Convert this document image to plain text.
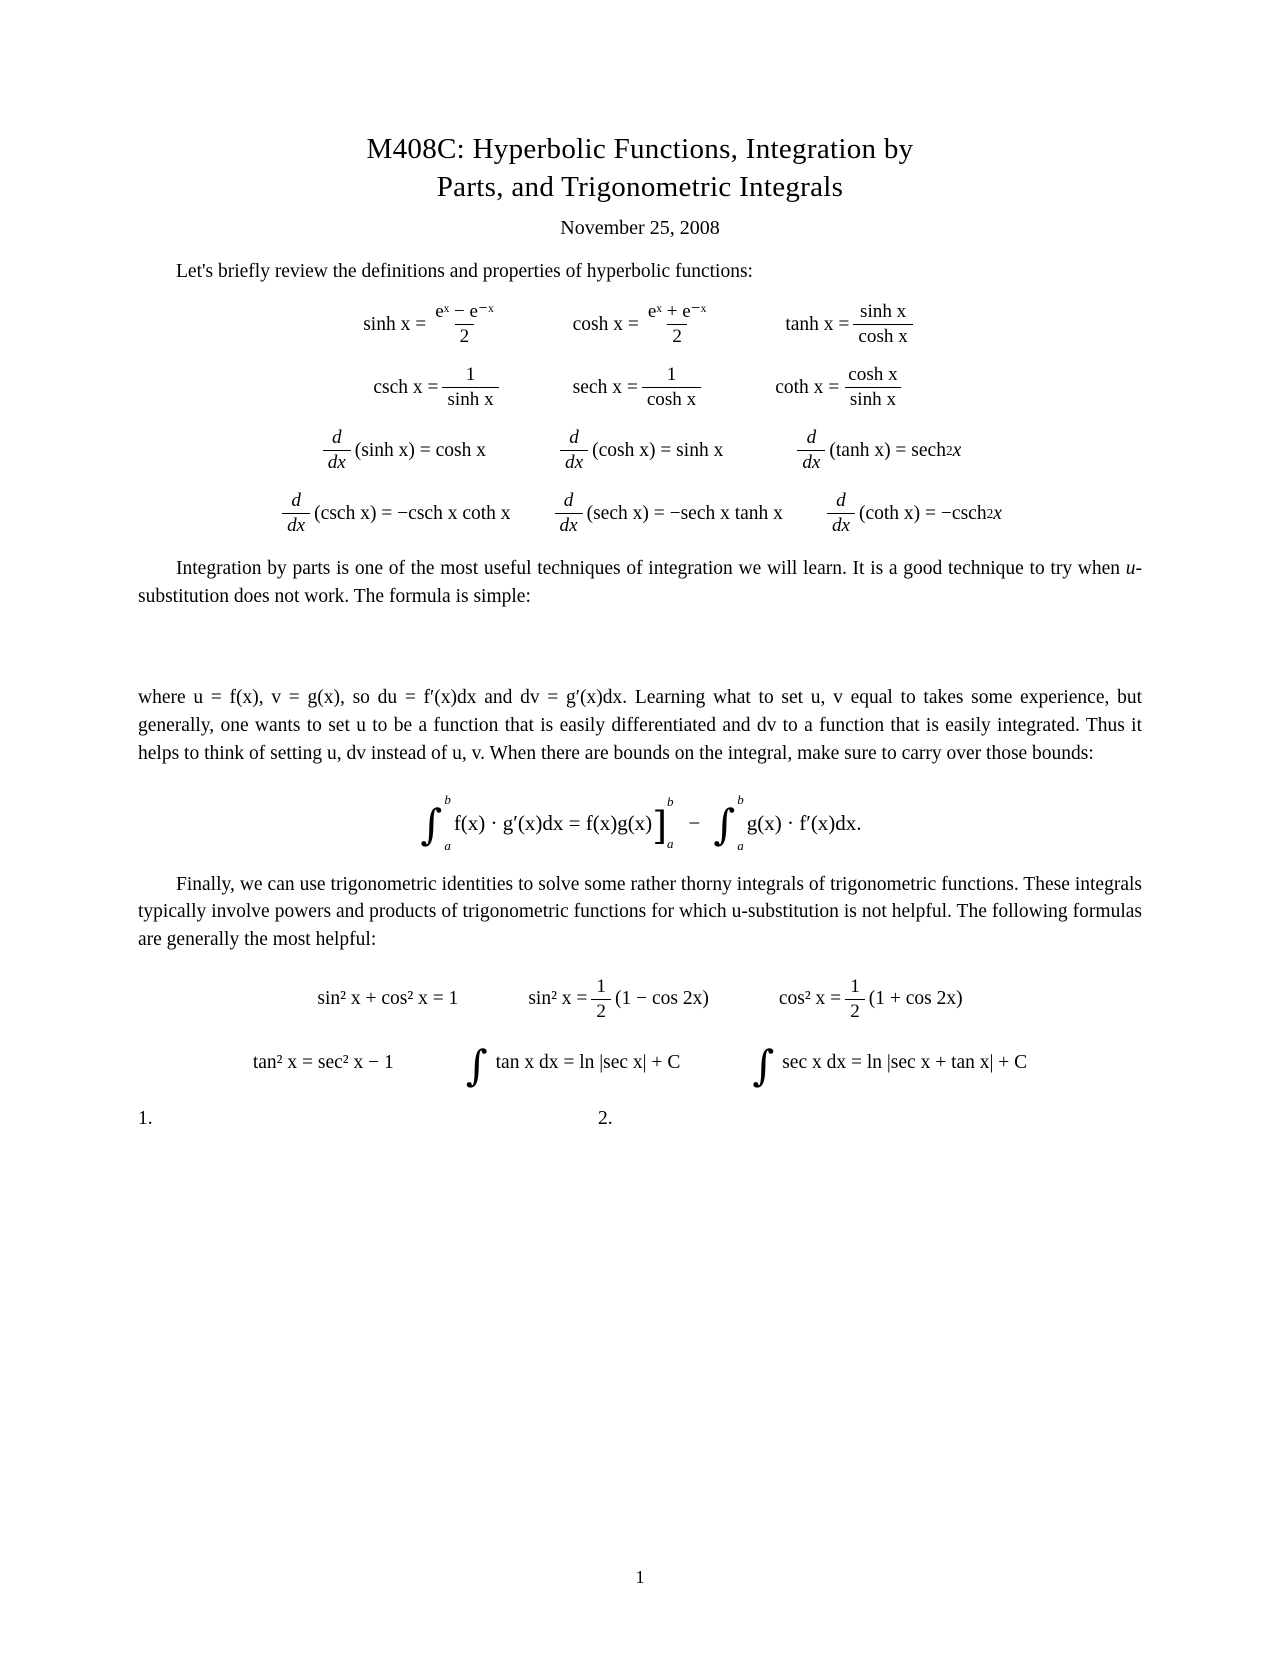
M408C: Hyperbolic Functions, Integration by
Parts, and Trigonometric Integrals
November 25, 2008
Let's briefly review the definitions and properties of hyperbolic functions:
$\sinh x = \frac{\text{eˣ − e⁻ˣ}}{2}$	$\cosh x = \frac{\text{eˣ + e⁻ˣ}}{2}$	$\tanh x = \frac{\text{sinh x}}{\text{cosh x}}$
csch $x = \frac{1}{\text{sinh x}}$	sech $x = \frac{1}{\text{cosh x}}$	coth $x = \frac{\text{cosh x}}{\text{sinh x}}$
$\frac{d}{dx} (\sinh$ x) = cosh x	$\frac{d}{dx} (\cosh$ x) = sinh x	$\frac{d}{dx} (\tanh$ x) = sech 2 x
$\frac{d}{dx} (\csc h$ x) = −csch x coth x $\frac{d}{dx} (\sec h$ x) = −sech x tanh x $\frac{d}{dx} (\cot h$ x) = −csch 2 x
Integration by parts is one of the most useful techniques of integration we will learn. It is a good technique to try when u-substitution does not work. The formula is simple:
where u = f(x), v = g(x), so du = f′(x)dx and dv = g′(x)dx. Learning what to set u, v equal to takes some experience, but generally, one wants to set u to be a function that is easily differentiated and dv to a function that is easily integrated. Thus it helps to think of setting u, dv instead of u, v. When there are bounds on the integral, make sure to carry over those bounds:
∫
b
a
f(x) · g′(x)dx = f(x)g(x) ]
b
a
− ∫
b
a
g(x) · f′(x)dx.
Finally, we can use trigonometric identities to solve some rather thorny integrals of trigonometric functions. These integrals typically involve powers and products of trigonometric functions for which u-substitution is not helpful. The following formulas are generally the most helpful:
sin² x + cos² x = 1	sin² $x = \frac{1}{2} (1 - \cos 2x)$	cos² $x = \frac{1}{2} (1 + \cos 2x)$
tan² x = sec² x − 1 ∫ tan x dx = ln |sec x| + C ∫ sec x dx = ln |sec x + tan x| + C
1.	2.
1
